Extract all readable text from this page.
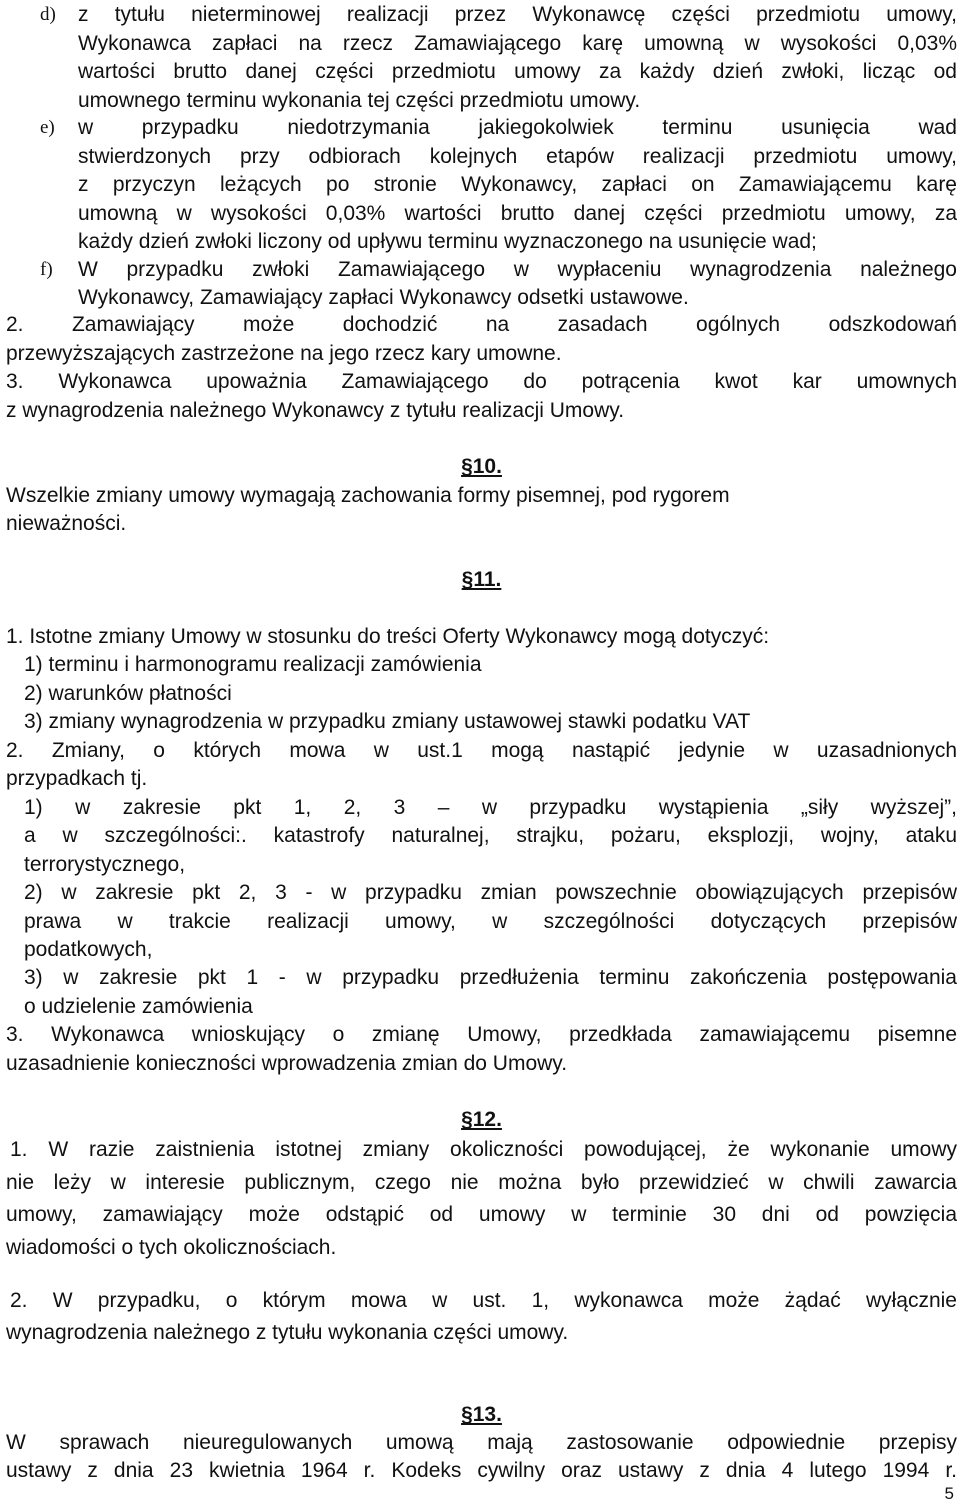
d) z tytułu nieterminowej realizacji przez Wykonawcę części przedmiotu umowy,
Wykonawca zapłaci na rzecz Zamawiającego karę umowną w wysokości 0,03%
wartości brutto danej części przedmiotu umowy za każdy dzień zwłoki, licząc od
umownego terminu wykonania tej części przedmiotu umowy.
e) w przypadku niedotrzymania jakiegokolwiek terminu usunięcia wad
stwierdzonych przy odbiorach kolejnych etapów realizacji przedmiotu umowy,
z przyczyn leżących po stronie Wykonawcy, zapłaci on Zamawiającemu karę
umowną w wysokości 0,03% wartości brutto danej części przedmiotu umowy, za
każdy dzień zwłoki liczony od upływu terminu wyznaczonego na usunięcie wad;
f) W przypadku zwłoki Zamawiającego w wypłaceniu wynagrodzenia należnego
Wykonawcy, Zamawiający zapłaci Wykonawcy odsetki ustawowe.
2. Zamawiający może dochodzić na zasadach ogólnych odszkodowań
przewyższających zastrzeżone na jego rzecz kary umowne.
3. Wykonawca upoważnia Zamawiającego do potrącenia kwot kar umownych
z wynagrodzenia należnego Wykonawcy z tytułu realizacji Umowy.
§10.
Wszelkie zmiany umowy wymagają zachowania formy pisemnej, pod rygorem
nieważności.
§11.
1. Istotne zmiany Umowy w stosunku do treści Oferty Wykonawcy mogą dotyczyć:
1) terminu i harmonogramu realizacji zamówienia
2) warunków płatności
3) zmiany wynagrodzenia w przypadku zmiany ustawowej stawki podatku VAT
2. Zmiany, o których mowa w ust.1 mogą nastąpić jedynie w uzasadnionych
przypadkach tj.
1) w zakresie pkt 1, 2, 3 – w przypadku wystąpienia „siły wyższej”,
a w szczególności:. katastrofy naturalnej, strajku, pożaru, eksplozji, wojny, ataku
terrorystycznego,
2) w zakresie pkt 2, 3 - w przypadku zmian powszechnie obowiązujących przepisów
prawa w trakcie realizacji umowy, w szczególności dotyczących przepisów
podatkowych,
3) w zakresie pkt 1 - w przypadku przedłużenia terminu zakończenia postępowania
o udzielenie zamówienia
3. Wykonawca wnioskujący o zmianę Umowy, przedkłada zamawiającemu pisemne
uzasadnienie konieczności wprowadzenia zmian do Umowy.
§12.
1. W razie zaistnienia istotnej zmiany okoliczności powodującej, że wykonanie umowy
nie leży w interesie publicznym, czego nie można było przewidzieć w chwili zawarcia
umowy, zamawiający może odstąpić od umowy w terminie 30 dni od powzięcia
wiadomości o tych okolicznościach.
2. W przypadku, o którym mowa w ust. 1, wykonawca może żądać wyłącznie
wynagrodzenia należnego z tytułu wykonania części umowy.
§13.
W sprawach nieuregulowanych umową mają zastosowanie odpowiednie przepisy
ustawy z dnia 23 kwietnia 1964 r. Kodeks cywilny oraz ustawy z dnia 4 lutego 1994 r.
5
